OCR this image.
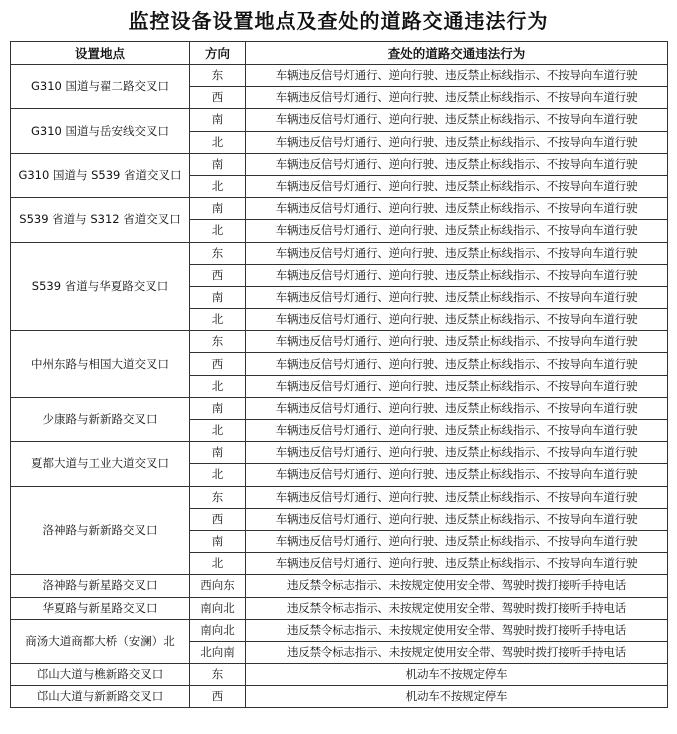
监控设备设置地点及查处的道路交通违法行为
设置地点	方向	查处的道路交通违法行为
G310 国道与翟二路交叉口	东	车辆违反信号灯通行、逆向行驶、违反禁止标线指示、不按导向车道行驶
	西	车辆违反信号灯通行、逆向行驶、违反禁止标线指示、不按导向车道行驶
G310 国道与岳安线交叉口	南	车辆违反信号灯通行、逆向行驶、违反禁止标线指示、不按导向车道行驶
	北	车辆违反信号灯通行、逆向行驶、违反禁止标线指示、不按导向车道行驶
G310 国道与 S539 省道交叉口	南	车辆违反信号灯通行、逆向行驶、违反禁止标线指示、不按导向车道行驶
	北	车辆违反信号灯通行、逆向行驶、违反禁止标线指示、不按导向车道行驶
S539 省道与 S312 省道交叉口	南	车辆违反信号灯通行、逆向行驶、违反禁止标线指示、不按导向车道行驶
	北	车辆违反信号灯通行、逆向行驶、违反禁止标线指示、不按导向车道行驶
S539 省道与华夏路交叉口	东	车辆违反信号灯通行、逆向行驶、违反禁止标线指示、不按导向车道行驶
	西	车辆违反信号灯通行、逆向行驶、违反禁止标线指示、不按导向车道行驶
	南	车辆违反信号灯通行、逆向行驶、违反禁止标线指示、不按导向车道行驶
	北	车辆违反信号灯通行、逆向行驶、违反禁止标线指示、不按导向车道行驶
中州东路与相国大道交叉口	东	车辆违反信号灯通行、逆向行驶、违反禁止标线指示、不按导向车道行驶
	西	车辆违反信号灯通行、逆向行驶、违反禁止标线指示、不按导向车道行驶
	北	车辆违反信号灯通行、逆向行驶、违反禁止标线指示、不按导向车道行驶
少康路与新新路交叉口	南	车辆违反信号灯通行、逆向行驶、违反禁止标线指示、不按导向车道行驶
	北	车辆违反信号灯通行、逆向行驶、违反禁止标线指示、不按导向车道行驶
夏都大道与工业大道交叉口	南	车辆违反信号灯通行、逆向行驶、违反禁止标线指示、不按导向车道行驶
	北	车辆违反信号灯通行、逆向行驶、违反禁止标线指示、不按导向车道行驶
洛神路与新新路交叉口	东	车辆违反信号灯通行、逆向行驶、违反禁止标线指示、不按导向车道行驶
	西	车辆违反信号灯通行、逆向行驶、违反禁止标线指示、不按导向车道行驶
	南	车辆违反信号灯通行、逆向行驶、违反禁止标线指示、不按导向车道行驶
	北	车辆违反信号灯通行、逆向行驶、违反禁止标线指示、不按导向车道行驶
洛神路与新星路交叉口	西向东	违反禁令标志指示、未按规定使用安全带、驾驶时拨打接听手持电话
华夏路与新星路交叉口	南向北	违反禁令标志指示、未按规定使用安全带、驾驶时拨打接听手持电话
商汤大道商都大桥（安澜）北	南向北	违反禁令标志指示、未按规定使用安全带、驾驶时拨打接听手持电话
	北向南	违反禁令标志指示、未按规定使用安全带、驾驶时拨打接听手持电话
邙山大道与樵新路交叉口	东	机动车不按规定停车
邙山大道与新新路交叉口	西	机动车不按规定停车
